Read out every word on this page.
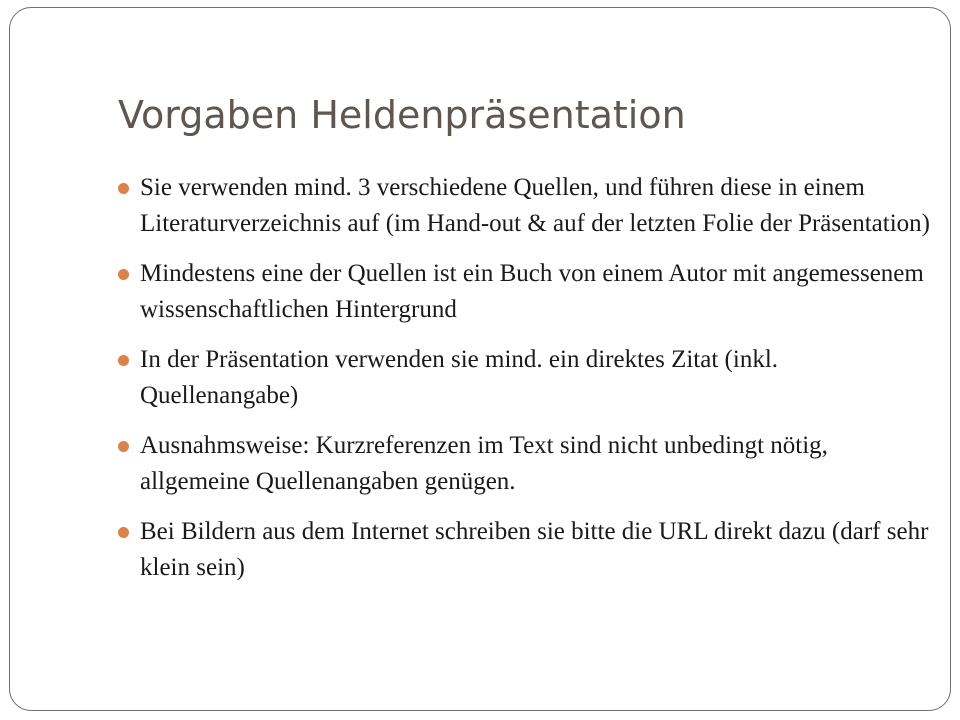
Vorgaben Heldenpräsentation
Sie verwenden mind. 3 verschiedene Quellen, und führen diese in einem Literaturverzeichnis auf (im Hand-out & auf der letzten Folie der Präsentation)
Mindestens eine der Quellen ist ein Buch von einem Autor mit angemessenem wissenschaftlichen Hintergrund
In der Präsentation verwenden sie mind. ein direktes Zitat (inkl. Quellenangabe)
Ausnahmsweise: Kurzreferenzen im Text sind nicht unbedingt nötig, allgemeine Quellenangaben genügen.
Bei Bildern aus dem Internet schreiben sie bitte die URL direkt dazu (darf sehr klein sein)
